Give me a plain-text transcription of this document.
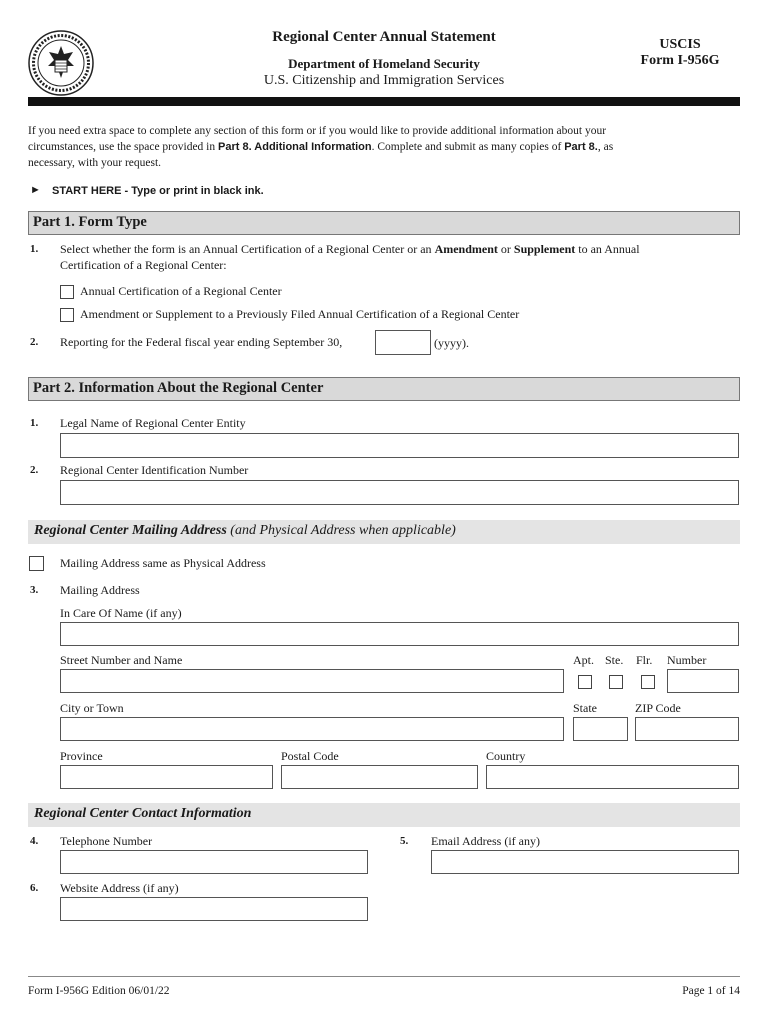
Regional Center Annual Statement
Department of Homeland Security
U.S. Citizenship and Immigration Services
USCIS
Form I-956G
If you need extra space to complete any section of this form or if you would like to provide additional information about your
circumstances, use the space provided in Part 8. Additional Information. Complete and submit as many copies of Part 8., as
necessary, with your request.
► START HERE - Type or print in black ink.
Part 1. Form Type
1. Select whether the form is an Annual Certification of a Regional Center or an Amendment or Supplement to an Annual
Certification of a Regional Center:
Annual Certification of a Regional Center
Amendment or Supplement to a Previously Filed Annual Certification of a Regional Center
2. Reporting for the Federal fiscal year ending September 30,	(yyyy).
Part 2. Information About the Regional Center
1. Legal Name of Regional Center Entity
2. Regional Center Identification Number
Regional Center Mailing Address (and Physical Address when applicable)
Mailing Address same as Physical Address
3. Mailing Address
In Care Of Name (if any)
Street Number and Name	Apt. Ste. Flr. Number
City or Town	State	ZIP Code
Province	Postal Code	Country
Regional Center Contact Information
4. Telephone Number	5. Email Address (if any)
6. Website Address (if any)
Form I-956G Edition 06/01/22	Page 1 of 14
